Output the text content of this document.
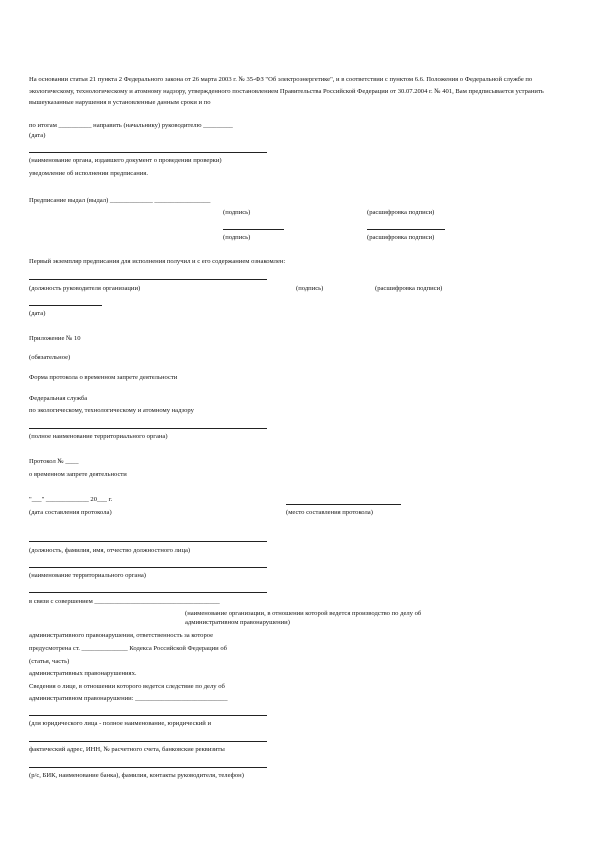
На основании статьи 21 пункта 2 Федерального закона от 26 марта 2003 г. № 35-ФЗ "Об электроэнергетике", и в соответствии с пунктом 6.6. Положения о Федеральной службе по экологическому, технологическому и атомному надзору, утвержденного постановлением Правительства Российской Федерации от 30.07.2004 г. № 401, Вам предписывается устранить вышеуказанные нарушения в установленные данным сроки и по
по итогам __________ направить (начальнику) руководителю _________
(дата)
(наименование органа, издавшего документ о проведении проверки)
уведомление об исполнении предписания.
Предписание выдал (выдал) _____________ _________________
(подпись)	(расшифровка подписи)
(подпись)	(расшифровка подписи)
Первый экземпляр предписания для исполнения получил и с его содержанием ознакомлен:
(должность руководителя организации)	(подпись)	(расшифровка подписи)
(дата)
Приложение № 10
(обязательное)
Форма протокола о временном запрете деятельности
Федеральная служба
по экологическому, технологическому и атомному надзору
(полное наименование территориального органа)
Протокол № ____
о временном запрете деятельности
"___" _____________ 20___ г.
(дата составления протокола)	(место составления протокола)
(должность, фамилия, имя, отчество должностного лица)
(наименование территориального органа)
в связи с совершением ______________________________________
(наименование организации, в отношении которой ведется производство по делу об
административном правонарушении)
административного правонарушения, ответственность за которое
предусмотрена ст. ______________ Кодекса Российской Федерации об
(статья, часть)
административных правонарушениях.
Сведения о лице, в отношении которого ведется следствие по делу об
административном правонарушении: ____________________________
(для юридического лица - полное наименование, юридический и
фактический адрес, ИНН, № расчетного счета, банковские реквизиты
(р/с, БИК, наименование банка), фамилия, контакты руководителя, телефон)
